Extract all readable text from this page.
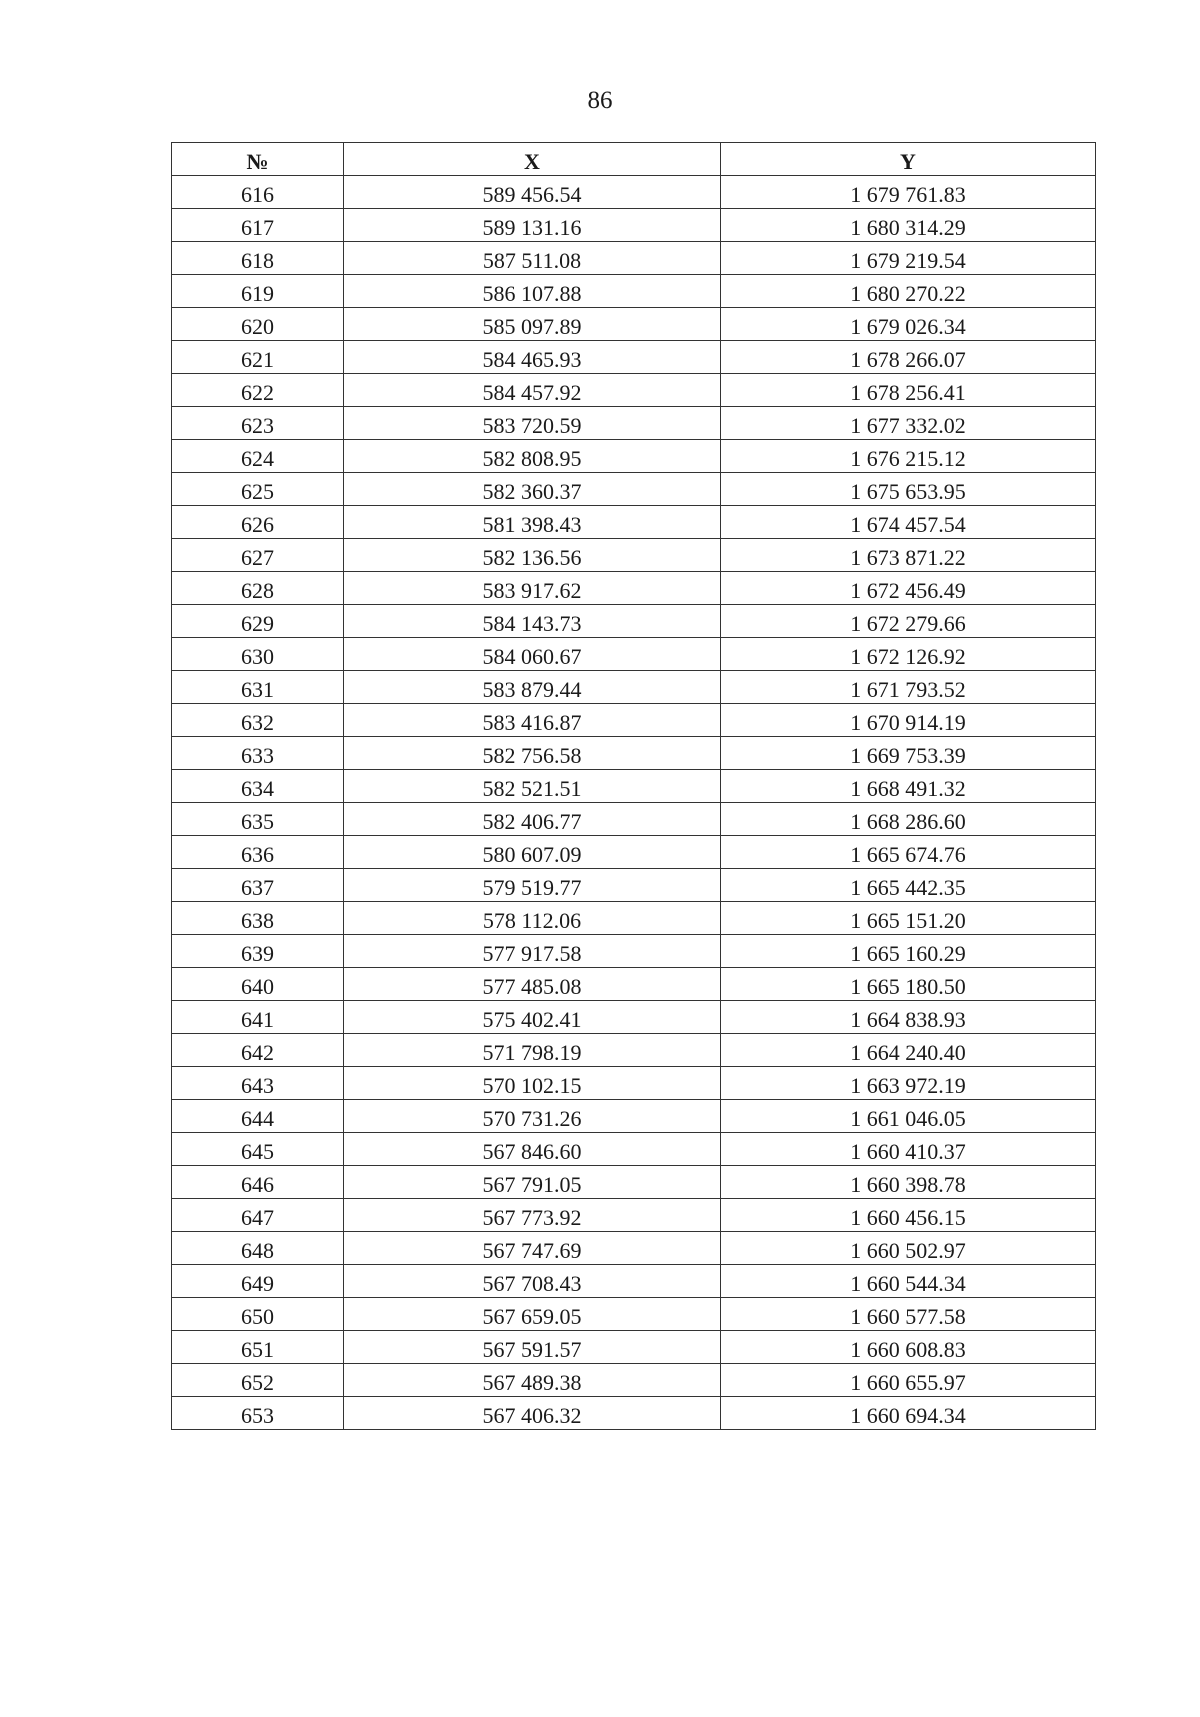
86
№	X	Y
616	589 456.54	1 679 761.83
617	589 131.16	1 680 314.29
618	587 511.08	1 679 219.54
619	586 107.88	1 680 270.22
620	585 097.89	1 679 026.34
621	584 465.93	1 678 266.07
622	584 457.92	1 678 256.41
623	583 720.59	1 677 332.02
624	582 808.95	1 676 215.12
625	582 360.37	1 675 653.95
626	581 398.43	1 674 457.54
627	582 136.56	1 673 871.22
628	583 917.62	1 672 456.49
629	584 143.73	1 672 279.66
630	584 060.67	1 672 126.92
631	583 879.44	1 671 793.52
632	583 416.87	1 670 914.19
633	582 756.58	1 669 753.39
634	582 521.51	1 668 491.32
635	582 406.77	1 668 286.60
636	580 607.09	1 665 674.76
637	579 519.77	1 665 442.35
638	578 112.06	1 665 151.20
639	577 917.58	1 665 160.29
640	577 485.08	1 665 180.50
641	575 402.41	1 664 838.93
642	571 798.19	1 664 240.40
643	570 102.15	1 663 972.19
644	570 731.26	1 661 046.05
645	567 846.60	1 660 410.37
646	567 791.05	1 660 398.78
647	567 773.92	1 660 456.15
648	567 747.69	1 660 502.97
649	567 708.43	1 660 544.34
650	567 659.05	1 660 577.58
651	567 591.57	1 660 608.83
652	567 489.38	1 660 655.97
653	567 406.32	1 660 694.34
